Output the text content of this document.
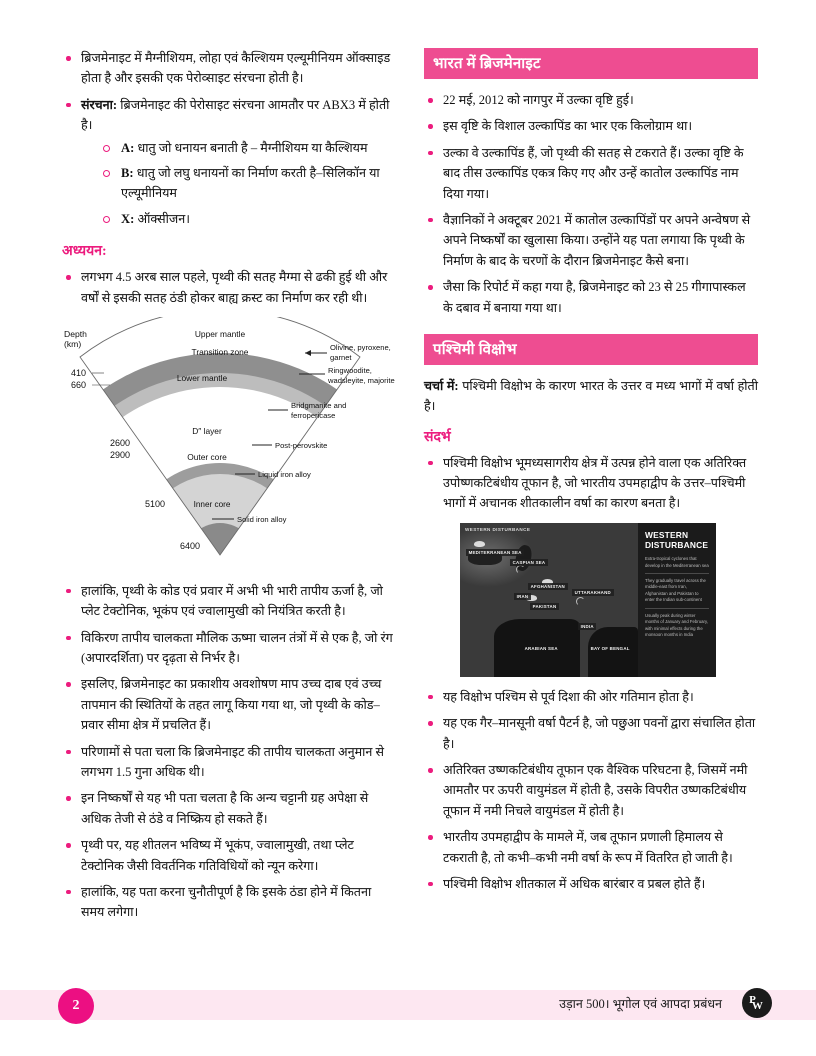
ब्रिजमेनाइट में मैग्नीशियम, लोहा एवं कैल्शियम एल्यूमीनियम ऑक्साइड होता है और इसकी एक पेरोव्साइट संरचना होती है।
संरचना: ब्रिजमेनाइट की पेरोसाइट संरचना आमतौर पर ABX3 में होती है।
A: धातु जो धनायन बनाती है – मैग्नीशियम या कैल्शियम
B: धातु जो लघु धनायनों का निर्माण करती है–सिलिकॉन या एल्यूमीनियम
X: ऑक्सीजन।
अध्ययन:
लगभग 4.5 अरब साल पहले, पृथ्वी की सतह मैग्मा से ढकी हुई थी और वर्षों से इसकी सतह ठंडी होकर बाह्य क्रस्ट का निर्माण कर रही थी।
Depth
(km)
410
660
2600
2900
5100
6400
Upper mantle
Transition zone
Lower mantle
D″ layer
Outer core
Inner core
Olivine, pyroxene,
garnet
Ringwoodite,
wadsleyite, majorite
Bridgmanite and
ferropericase
Post-perovskite
Liquid iron alloy
Solid iron alloy
हालांकि, पृथ्वी के कोड एवं प्रवार में अभी भी भारी तापीय ऊर्जा है, जो प्लेट टेक्टोनिक, भूकंप एवं ज्वालामुखी को नियंत्रित करती है।
विकिरण तापीय चालकता मौलिक ऊष्मा चालन तंत्रों में से एक है, जो रंग (अपारदर्शिता) पर दृढ़ता से निर्भर है।
इसलिए, ब्रिजमेनाइट का प्रकाशीय अवशोषण माप उच्च दाब एवं उच्च तापमान की स्थितियों के तहत लागू किया गया था, जो पृथ्वी के कोड–प्रवार सीमा क्षेत्र में प्रचलित हैं।
परिणामों से पता चला कि ब्रिजमेनाइट की तापीय चालकता अनुमान से लगभग 1.5 गुना अधिक थी।
इन निष्कर्षों से यह भी पता चलता है कि अन्य चट्टानी ग्रह अपेक्षा से अधिक तेजी से ठंडे व निष्क्रिय हो सकते हैं।
पृथ्वी पर, यह शीतलन भविष्य में भूकंप, ज्वालामुखी, तथा प्लेट टेक्टोनिक जैसी विवर्तनिक गतिविधियों को न्यून करेगा।
हालांकि, यह पता करना चुनौतीपूर्ण है कि इसके ठंडा होने में कितना समय लगेगा।
भारत में ब्रिजमेनाइट
22 मई, 2012 को नागपुर में उल्का वृष्टि हुई।
इस वृष्टि के विशाल उल्कापिंड का भार एक किलोग्राम था।
उल्का वे उल्कापिंड हैं, जो पृथ्वी की सतह से टकराते हैं। उल्का वृष्टि के बाद तीस उल्कापिंड एकत्र किए गए और उन्हें कातोल उल्कापिंड नाम दिया गया।
वैज्ञानिकों ने अक्टूबर 2021 में कातोल उल्कापिंडों पर अपने अन्वेषण से अपने निष्कर्षों का खुलासा किया। उन्होंने यह पता लगाया कि पृथ्वी के निर्माण के बाद के चरणों के दौरान ब्रिजमेनाइट कैसे बना।
जैसा कि रिपोर्ट में कहा गया है, ब्रिजमेनाइट को 23 से 25 गीगापास्कल के दबाव में बनाया गया था।
पश्चिमी विक्षोभ
चर्चा में: पश्चिमी विक्षोभ के कारण भारत के उत्तर व मध्य भागों में वर्षा होती है।
संदर्भ
पश्चिमी विक्षोभ भूमध्यसागरीय क्षेत्र में उत्पन्न होने वाला एक अतिरिक्त उपोष्णकटिबंधीय तूफान है, जो भारतीय उपमहाद्वीप के उत्तर–पश्चिमी भागों में अचानक शीतकालीन वर्षा का कारण बनता है।
WESTERN DISTURBANCE
MEDITERRANEAN SEA
CASPIAN SEA
AFGHANISTAN
IRAN
PAKISTAN
UTTARAKHAND
INDIA
ARABIAN SEA	BAY OF BENGAL
WESTERN
DISTURBANCE

Extra-tropical cyclones that develop in the Mediterranean sea

They gradually travel across the middle-east from Iran, Afghanistan and Pakistan to enter the Indian sub-continent

Usually peak during winter months of January and February, with minimal effects during the monsoon months in India

यह विक्षोभ पश्चिम से पूर्व दिशा की ओर गतिमान होता है।
यह एक गैर–मानसूनी वर्षा पैटर्न है, जो पछुआ पवनों द्वारा संचालित होता है।
अतिरिक्त उष्णकटिबंधीय तूफान एक वैश्विक परिघटना है, जिसमें नमी आमतौर पर ऊपरी वायुमंडल में होती है, उसके विपरीत उष्णकटिबंधीय तूफान में नमी निचले वायुमंडल में होती है।
भारतीय उपमहाद्वीप के मामले में, जब तूफान प्रणाली हिमालय से टकराती है, तो कभी–कभी नमी वर्षा के रूप में वितरित हो जाती है।
पश्चिमी विक्षोभ शीतकाल में अधिक बारंबार व प्रबल होते हैं।
2	उड़ान 500। भूगोल एवं आपदा प्रबंधन P
W
